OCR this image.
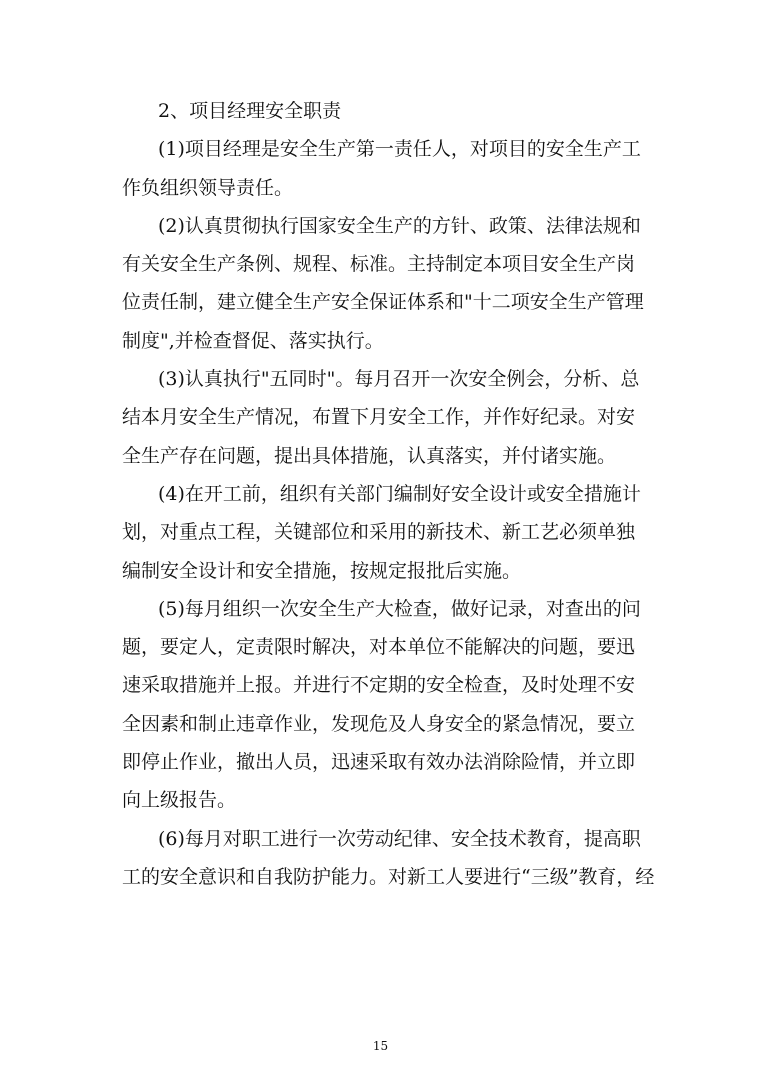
2、项目经理安全职责

(1)项目经理是安全生产第一责任人，对项目的安全生产工
作负组织领导责任。

(2)认真贯彻执行国家安全生产的方针、政策、法律法规和
有关安全生产条例、规程、标准。主持制定本项目安全生产岗
位责任制，建立健全生产安全保证体系和"十二项安全生产管理
制度",并检查督促、落实执行。

(3)认真执行"五同时"。每月召开一次安全例会，分析、总
结本月安全生产情况，布置下月安全工作，并作好纪录。对安
全生产存在问题，提出具体措施，认真落实，并付诸实施。

(4)在开工前，组织有关部门编制好安全设计或安全措施计
划，对重点工程，关键部位和采用的新技术、新工艺必须单独
编制安全设计和安全措施，按规定报批后实施。

(5)每月组织一次安全生产大检查，做好记录，对查出的问
题，要定人，定责限时解决，对本单位不能解决的问题，要迅
速采取措施并上报。并进行不定期的安全检查，及时处理不安
全因素和制止违章作业，发现危及人身安全的紧急情况，要立
即停止作业，撤出人员，迅速采取有效办法消除险情，并立即
向上级报告。

(6)每月对职工进行一次劳动纪律、安全技术教育，提高职
工的安全意识和自我防护能力。对新工人要进行“三级”教育，经

15
